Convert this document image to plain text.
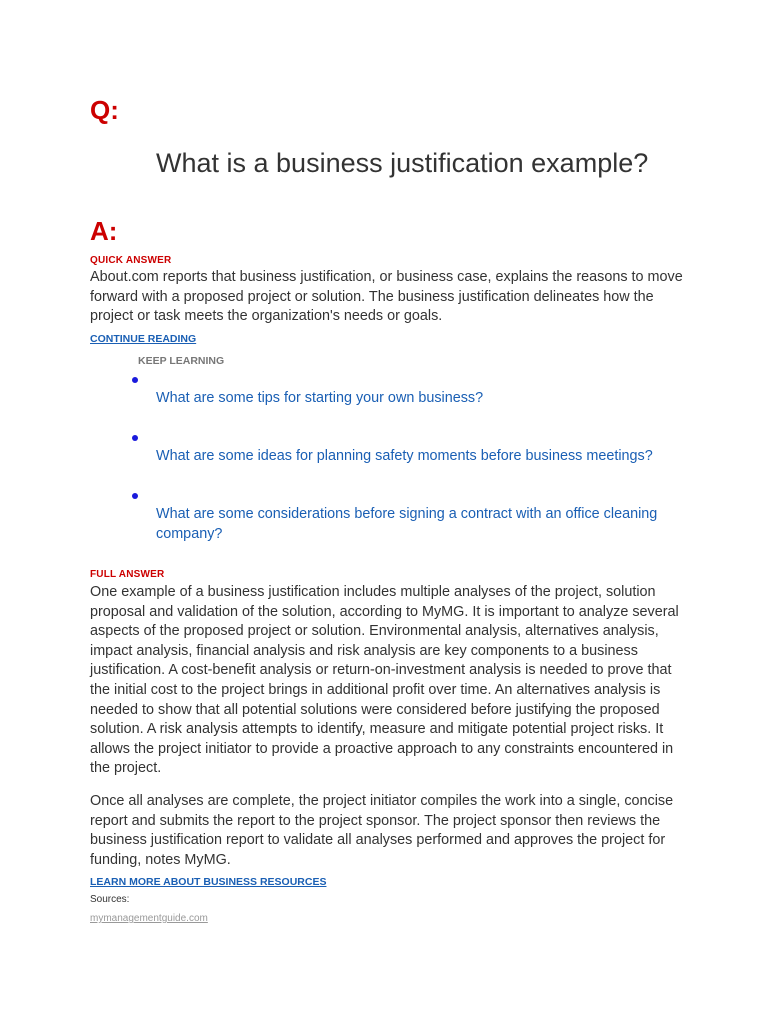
Q:
What is a business justification example?
A:
QUICK ANSWER
About.com reports that business justification, or business case, explains the reasons to move forward with a proposed project or solution. The business justification delineates how the project or task meets the organization's needs or goals.
CONTINUE READING
KEEP LEARNING
What are some tips for starting your own business?
What are some ideas for planning safety moments before business meetings?
What are some considerations before signing a contract with an office cleaning company?
FULL ANSWER
One example of a business justification includes multiple analyses of the project, solution proposal and validation of the solution, according to MyMG. It is important to analyze several aspects of the proposed project or solution. Environmental analysis, alternatives analysis, impact analysis, financial analysis and risk analysis are key components to a business justification. A cost-benefit analysis or return-on-investment analysis is needed to prove that the initial cost to the project brings in additional profit over time. An alternatives analysis is needed to show that all potential solutions were considered before justifying the proposed solution. A risk analysis attempts to identify, measure and mitigate potential project risks. It allows the project initiator to provide a proactive approach to any constraints encountered in the project.
Once all analyses are complete, the project initiator compiles the work into a single, concise report and submits the report to the project sponsor. The project sponsor then reviews the business justification report to validate all analyses performed and approves the project for funding, notes MyMG.
LEARN MORE ABOUT BUSINESS RESOURCES
Sources:
mymanagementguide.com
